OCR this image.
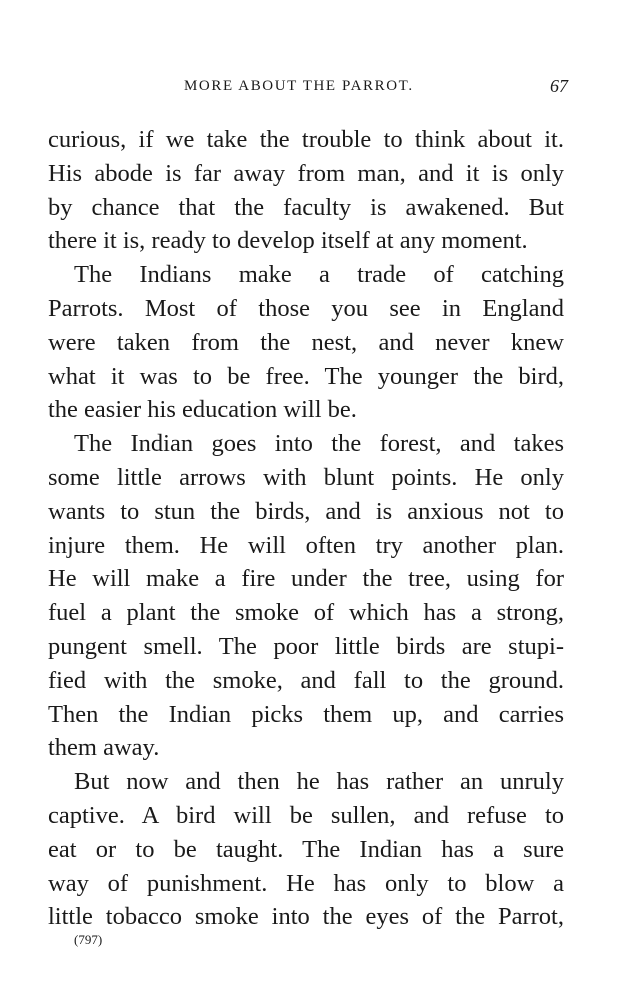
MORE ABOUT THE PARROT.	67
curious, if we take the trouble to think about it.
His abode is far away from man, and it is only
by chance that the faculty is awakened. But
there it is, ready to develop itself at any moment.
The Indians make a trade of catching
Parrots. Most of those you see in England
were taken from the nest, and never knew
what it was to be free. The younger the bird,
the easier his education will be.
The Indian goes into the forest, and takes
some little arrows with blunt points. He only
wants to stun the birds, and is anxious not to
injure them. He will often try another plan.
He will make a fire under the tree, using for
fuel a plant the smoke of which has a strong,
pungent smell. The poor little birds are stupi-
fied with the smoke, and fall to the ground.
Then the Indian picks them up, and carries
them away.
But now and then he has rather an unruly
captive. A bird will be sullen, and refuse to
eat or to be taught. The Indian has a sure
way of punishment. He has only to blow a
little tobacco smoke into the eyes of the Parrot,
(797)
